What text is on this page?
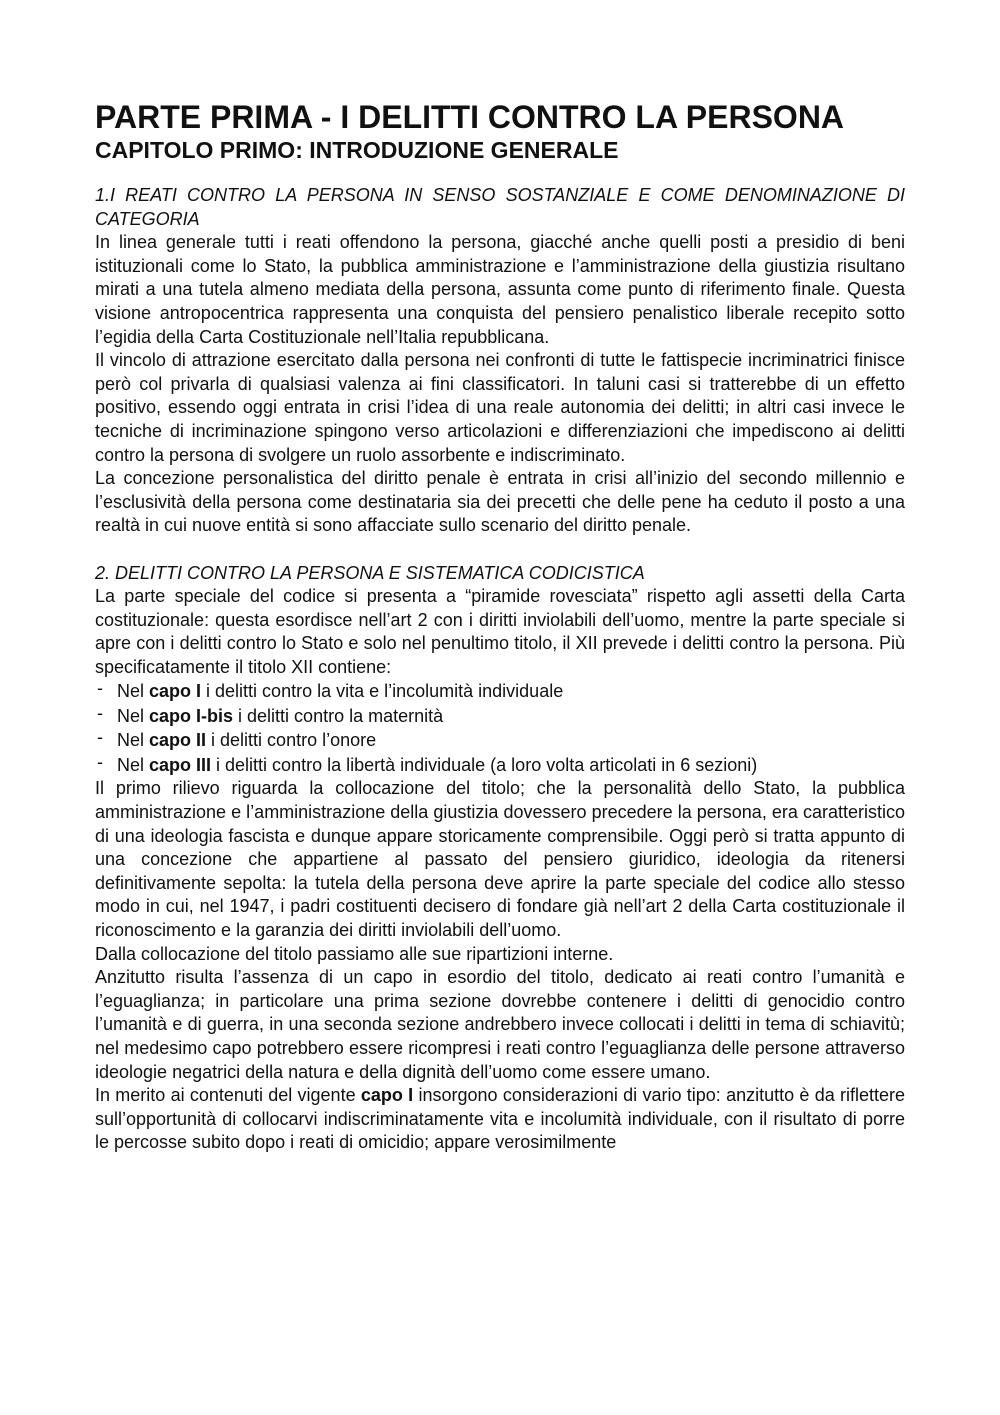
PARTE PRIMA - I DELITTI CONTRO LA PERSONA
CAPITOLO PRIMO: INTRODUZIONE GENERALE

1.I REATI CONTRO LA PERSONA IN SENSO SOSTANZIALE E COME DENOMINAZIONE DI CATEGORIA

In linea generale tutti i reati offendono la persona, giacché anche quelli posti a presidio di beni istituzionali come lo Stato, la pubblica amministrazione e l’amministrazione della giustizia risultano mirati a una tutela almeno mediata della persona, assunta come punto di riferimento finale. Questa visione antropocentrica rappresenta una conquista del pensiero penalistico liberale recepito sotto l’egidia della Carta Costituzionale nell’Italia repubblicana.

Il vincolo di attrazione esercitato dalla persona nei confronti di tutte le fattispecie incriminatrici finisce però col privarla di qualsiasi valenza ai fini classificatori. In taluni casi si tratterebbe di un effetto positivo, essendo oggi entrata in crisi l’idea di una reale autonomia dei delitti; in altri casi invece le tecniche di incriminazione spingono verso articolazioni e differenziazioni che impediscono ai delitti contro la persona di svolgere un ruolo assorbente e indiscriminato.

La concezione personalistica del diritto penale è entrata in crisi all’inizio del secondo millennio e l’esclusività della persona come destinataria sia dei precetti che delle pene ha ceduto il posto a una realtà in cui nuove entità si sono affacciate sullo scenario del diritto penale.

2. DELITTI CONTRO LA PERSONA E SISTEMATICA CODICISTICA

La parte speciale del codice si presenta a “piramide rovesciata” rispetto agli assetti della Carta costituzionale: questa esordisce nell’art 2 con i diritti inviolabili dell’uomo, mentre la parte speciale si apre con i delitti contro lo Stato e solo nel penultimo titolo, il XII prevede i delitti contro la persona. Più specificatamente il titolo XII contiene:

- Nel capo I i delitti contro la vita e l’incolumità individuale
- Nel capo I-bis i delitti contro la maternità
- Nel capo II i delitti contro l’onore
- Nel capo III i delitti contro la libertà individuale (a loro volta articolati in 6 sezioni)

Il primo rilievo riguarda la collocazione del titolo; che la personalità dello Stato, la pubblica amministrazione e l’amministrazione della giustizia dovessero precedere la persona, era caratteristico di una ideologia fascista e dunque appare storicamente comprensibile. Oggi però si tratta appunto di una concezione che appartiene al passato del pensiero giuridico, ideologia da ritenersi definitivamente sepolta: la tutela della persona deve aprire la parte speciale del codice allo stesso modo in cui, nel 1947, i padri costituenti decisero di fondare già nell’art 2 della Carta costituzionale il riconoscimento e la garanzia dei diritti inviolabili dell’uomo.

Dalla collocazione del titolo passiamo alle sue ripartizioni interne.

Anzitutto risulta l’assenza di un capo in esordio del titolo, dedicato ai reati contro l’umanità e l’eguaglianza; in particolare una prima sezione dovrebbe contenere i delitti di genocidio contro l’umanità e di guerra, in una seconda sezione andrebbero invece collocati i delitti in tema di schiavitù; nel medesimo capo potrebbero essere ricompresi i reati contro l’eguaglianza delle persone attraverso ideologie negatrici della natura e della dignità dell’uomo come essere umano.

In merito ai contenuti del vigente capo I insorgono considerazioni di vario tipo: anzitutto è da riflettere sull’opportunità di collocarvi indiscriminatamente vita e incolumità individuale, con il risultato di porre le percosse subito dopo i reati di omicidio; appare verosimilmente
